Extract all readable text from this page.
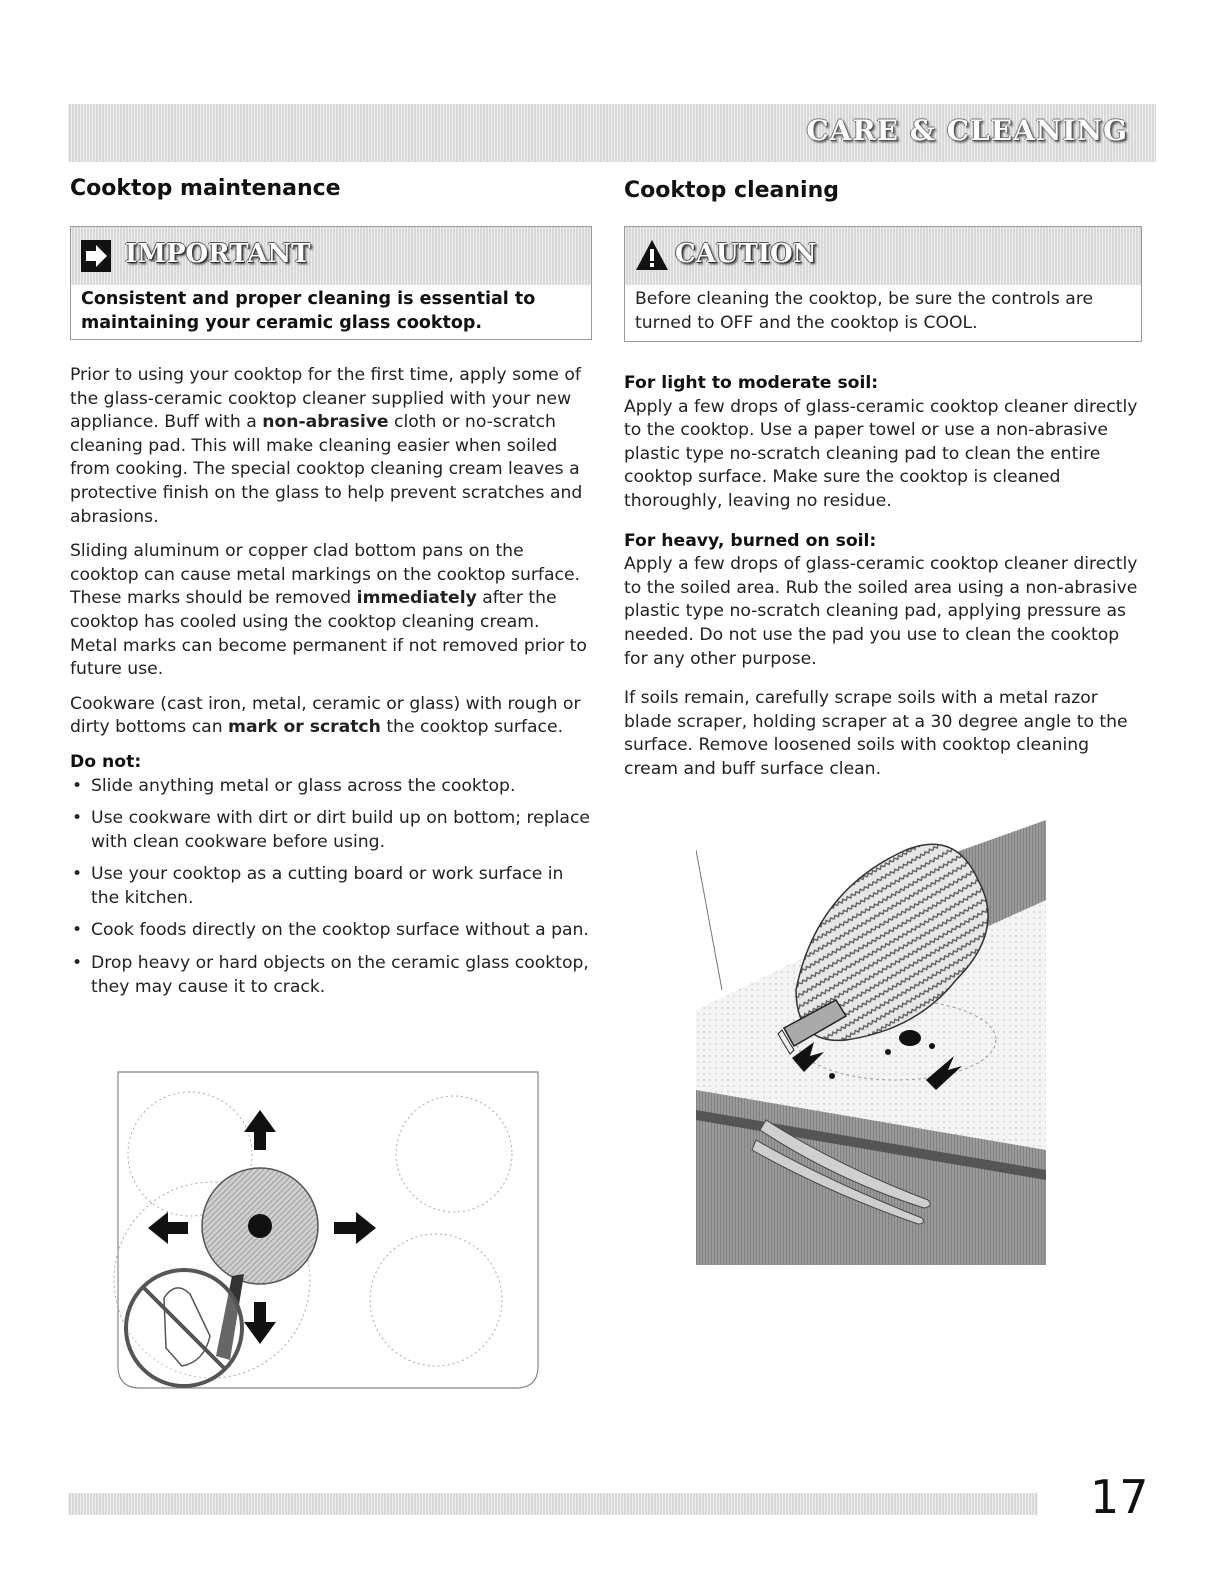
CARE & CLEANING
Cooktop maintenance
IMPORTANT
Consistent and proper cleaning is essential to maintaining your ceramic glass cooktop.

Prior to using your cooktop for the first time, apply some of the glass-ceramic cooktop cleaner supplied with your new appliance. Buff with a non-abrasive cloth or no-scratch cleaning pad. This will make cleaning easier when soiled from cooking. The special cooktop cleaning cream leaves a protective finish on the glass to help prevent scratches and abrasions.

Sliding aluminum or copper clad bottom pans on the cooktop can cause metal markings on the cooktop surface. These marks should be removed immediately after the cooktop has cooled using the cooktop cleaning cream. Metal marks can become permanent if not removed prior to future use.

Cookware (cast iron, metal, ceramic or glass) with rough or dirty bottoms can mark or scratch the cooktop surface.

Do not:
• Slide anything metal or glass across the cooktop.
• Use cookware with dirt or dirt build up on bottom; replace with clean cookware before using.
• Use your cooktop as a cutting board or work surface in the kitchen.
• Cook foods directly on the cooktop surface without a pan.
• Drop heavy or hard objects on the ceramic glass cooktop, they may cause it to crack.
Cooktop cleaning
CAUTION
Before cleaning the cooktop, be sure the controls are turned to OFF and the cooktop is COOL.
For light to moderate soil:

Apply a few drops of glass-ceramic cooktop cleaner directly to the cooktop. Use a paper towel or use a non-abrasive plastic type no-scratch cleaning pad to clean the entire cooktop surface. Make sure the cooktop is cleaned thoroughly, leaving no residue.

For heavy, burned on soil:

Apply a few drops of glass-ceramic cooktop cleaner directly to the soiled area. Rub the soiled area using a non-abrasive plastic type no-scratch cleaning pad, applying pressure as needed. Do not use the pad you use to clean the cooktop for any other purpose.

If soils remain, carefully scrape soils with a metal razor blade scraper, holding scraper at a 30 degree angle to the surface. Remove loosened soils with cooktop cleaning cream and buff surface clean.

17
